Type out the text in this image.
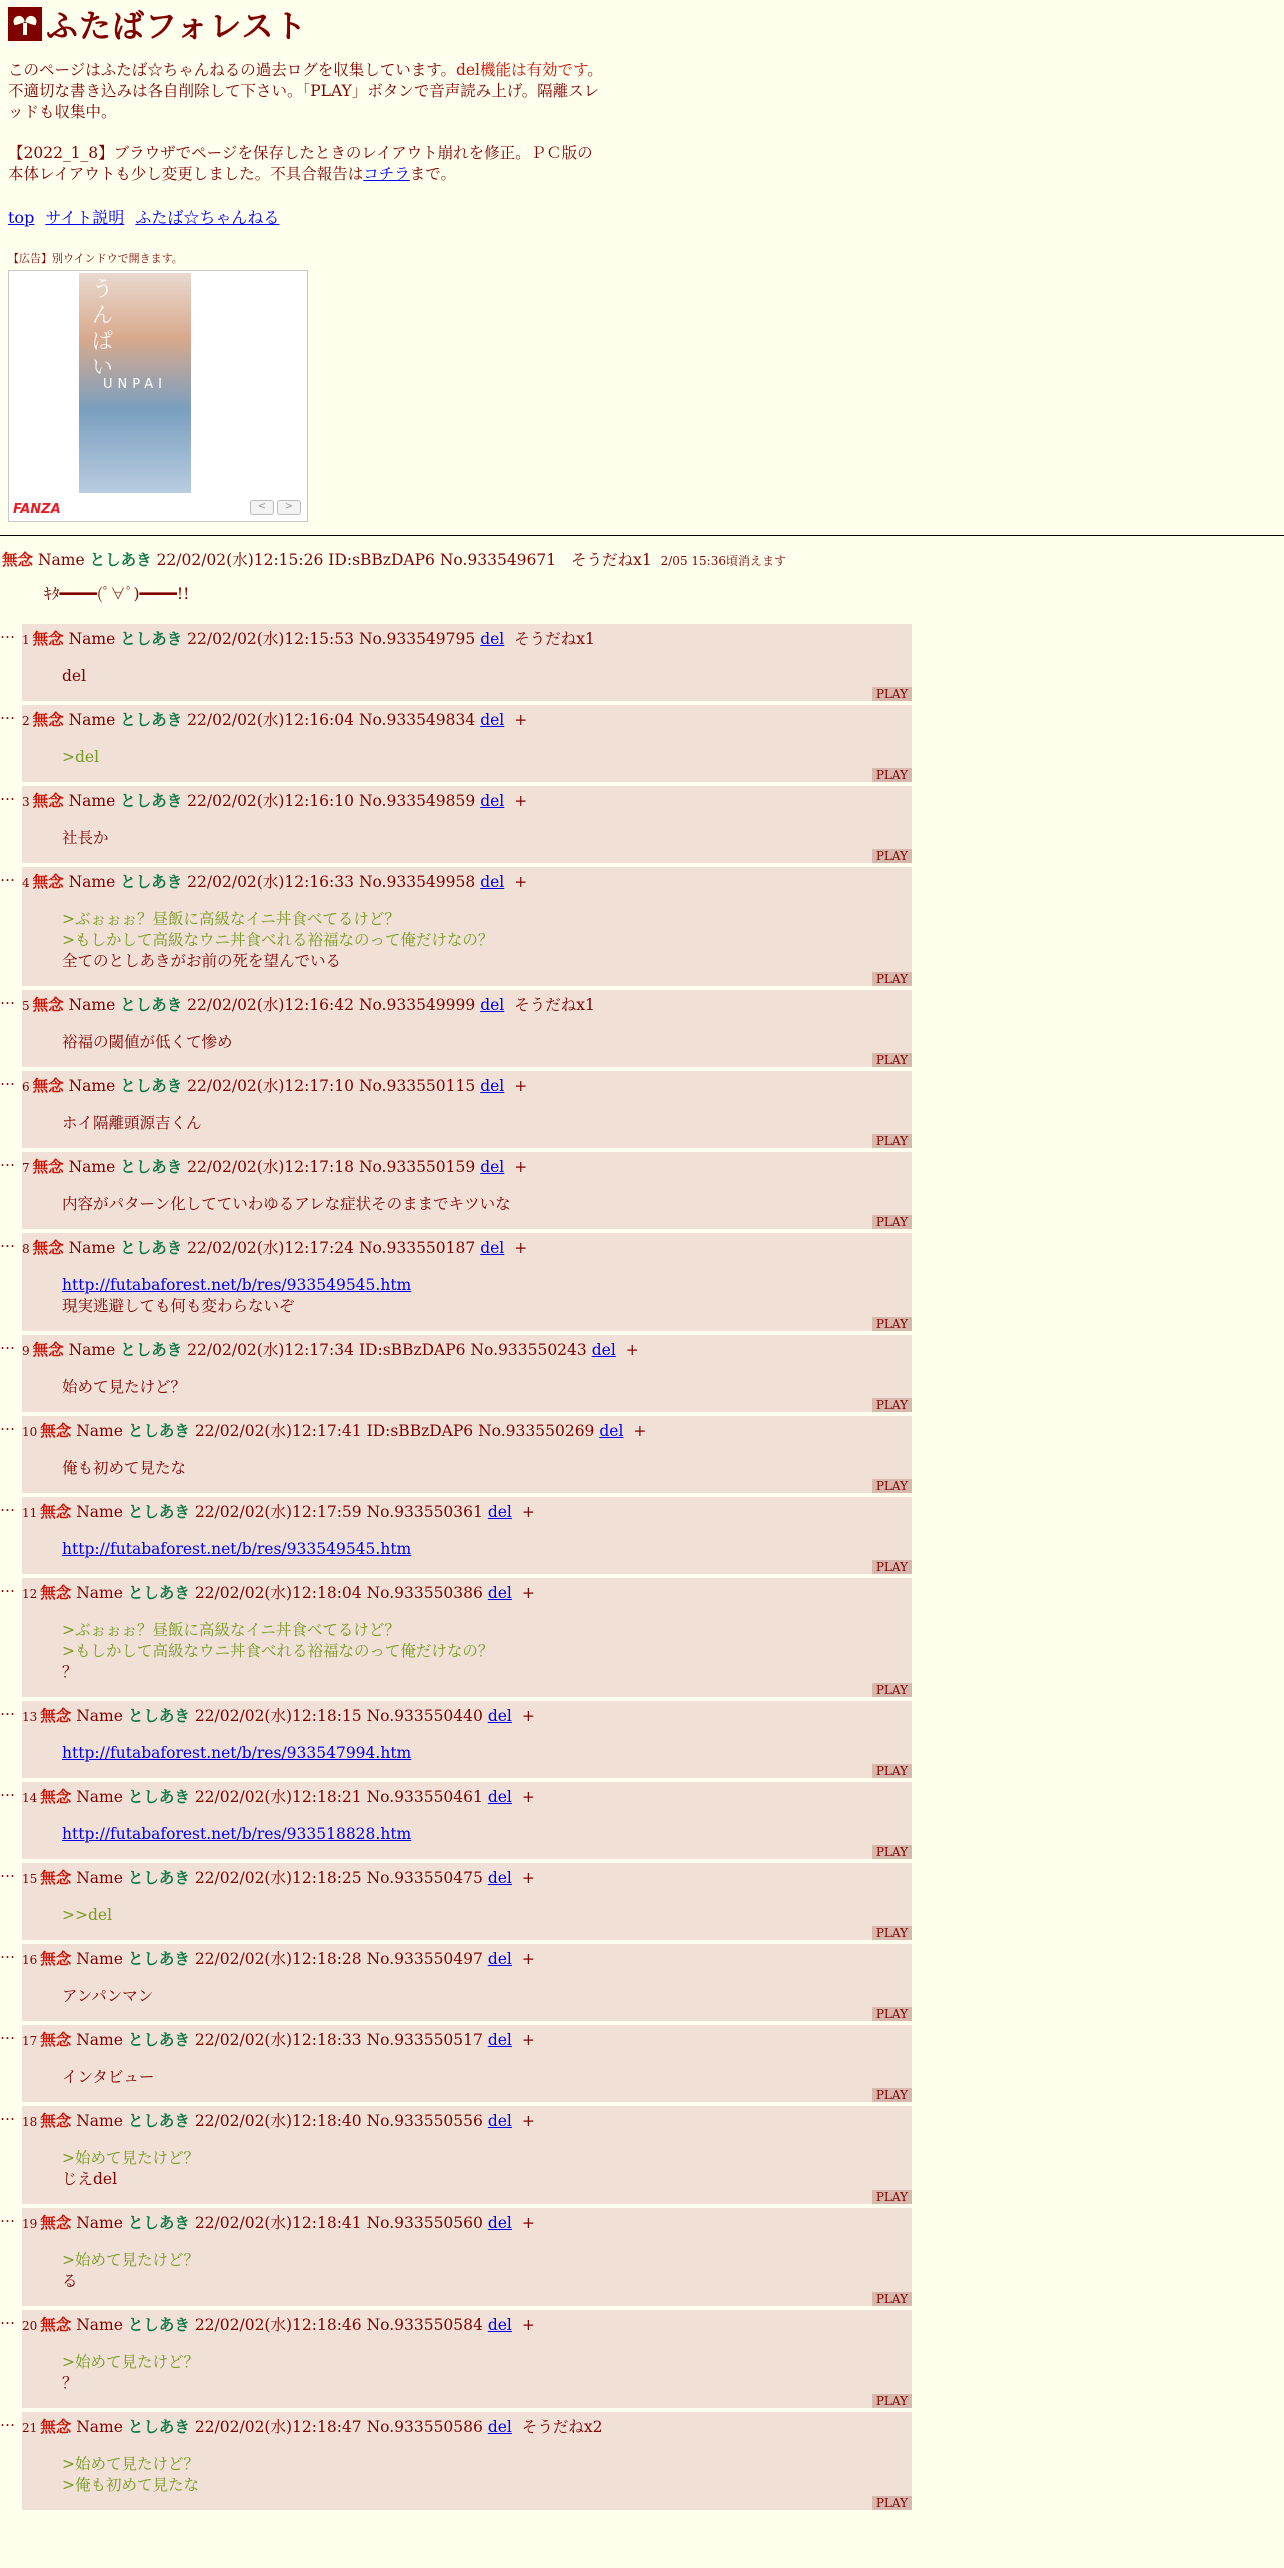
ふたばフォレスト
このページはふたば☆ちゃんねるの過去ログを収集しています。del機能は有効です。不適切な書き込みは各自削除して下さい。「PLAY」ボタンで音声読み上げ。隔離スレッドも収集中。
【2022_1_8】ブラウザでページを保存したときのレイアウト崩れを修正。ＰＣ版の本体レイアウトも少し変更しました。不具合報告はコチラまで。
top サイト説明 ふたば☆ちゃんねる
【広告】別ウインドウで開きます。
うんぱい
UNPAI
FANZA	<	>
無念 Name としあき 22/02/02(水)12:15:26 ID:sBBzDAP6 No.933549671 そうだねx1 2/05 15:36頃消えます
ｷﾀ━━━━(ﾟ∀ﾟ)━━━━!!
… 1 無念 Name としあき 22/02/02(水)12:15:53 No.933549795 del そうだねx1
del
PLAY
… 2 無念 Name としあき 22/02/02(水)12:16:04 No.933549834 del +
>del
PLAY
… 3 無念 Name としあき 22/02/02(水)12:16:10 No.933549859 del +
社長か
PLAY
… 4 無念 Name としあき 22/02/02(水)12:16:33 No.933549958 del +
>ぶぉぉぉ？昼飯に高級なイニ丼食べてるけど？
>もしかして高級なウニ丼食べれる裕福なのって俺だけなの？
全てのとしあきがお前の死を望んでいる
PLAY
… 5 無念 Name としあき 22/02/02(水)12:16:42 No.933549999 del そうだねx1
裕福の閾値が低くて惨め
PLAY
… 6 無念 Name としあき 22/02/02(水)12:17:10 No.933550115 del +
ホイ隔離頭源吉くん
PLAY
… 7 無念 Name としあき 22/02/02(水)12:17:18 No.933550159 del +
内容がパターン化してていわゆるアレな症状そのままでキツいな
PLAY
… 8 無念 Name としあき 22/02/02(水)12:17:24 No.933550187 del +
http://futabaforest.net/b/res/933549545.htm
現実逃避しても何も変わらないぞ
PLAY
… 9 無念 Name としあき 22/02/02(水)12:17:34 ID:sBBzDAP6 No.933550243 del +
始めて見たけど？
PLAY
… 10 無念 Name としあき 22/02/02(水)12:17:41 ID:sBBzDAP6 No.933550269 del +
俺も初めて見たな
PLAY
… 11 無念 Name としあき 22/02/02(水)12:17:59 No.933550361 del +
http://futabaforest.net/b/res/933549545.htm
PLAY
… 12 無念 Name としあき 22/02/02(水)12:18:04 No.933550386 del +
>ぶぉぉぉ？昼飯に高級なイニ丼食べてるけど？
>もしかして高級なウニ丼食べれる裕福なのって俺だけなの？
？
PLAY
… 13 無念 Name としあき 22/02/02(水)12:18:15 No.933550440 del +
http://futabaforest.net/b/res/933547994.htm
PLAY
… 14 無念 Name としあき 22/02/02(水)12:18:21 No.933550461 del +
http://futabaforest.net/b/res/933518828.htm
PLAY
… 15 無念 Name としあき 22/02/02(水)12:18:25 No.933550475 del +
>>del
PLAY
… 16 無念 Name としあき 22/02/02(水)12:18:28 No.933550497 del +
アンパンマン
PLAY
… 17 無念 Name としあき 22/02/02(水)12:18:33 No.933550517 del +
インタビュー
PLAY
… 18 無念 Name としあき 22/02/02(水)12:18:40 No.933550556 del +
>始めて見たけど？
じえdel
PLAY
… 19 無念 Name としあき 22/02/02(水)12:18:41 No.933550560 del +
>始めて見たけど？
る
PLAY
… 20 無念 Name としあき 22/02/02(水)12:18:46 No.933550584 del +
>始めて見たけど？
？
PLAY
… 21 無念 Name としあき 22/02/02(水)12:18:47 No.933550586 del そうだねx2
>始めて見たけど？
>俺も初めて見たな
PLAY
